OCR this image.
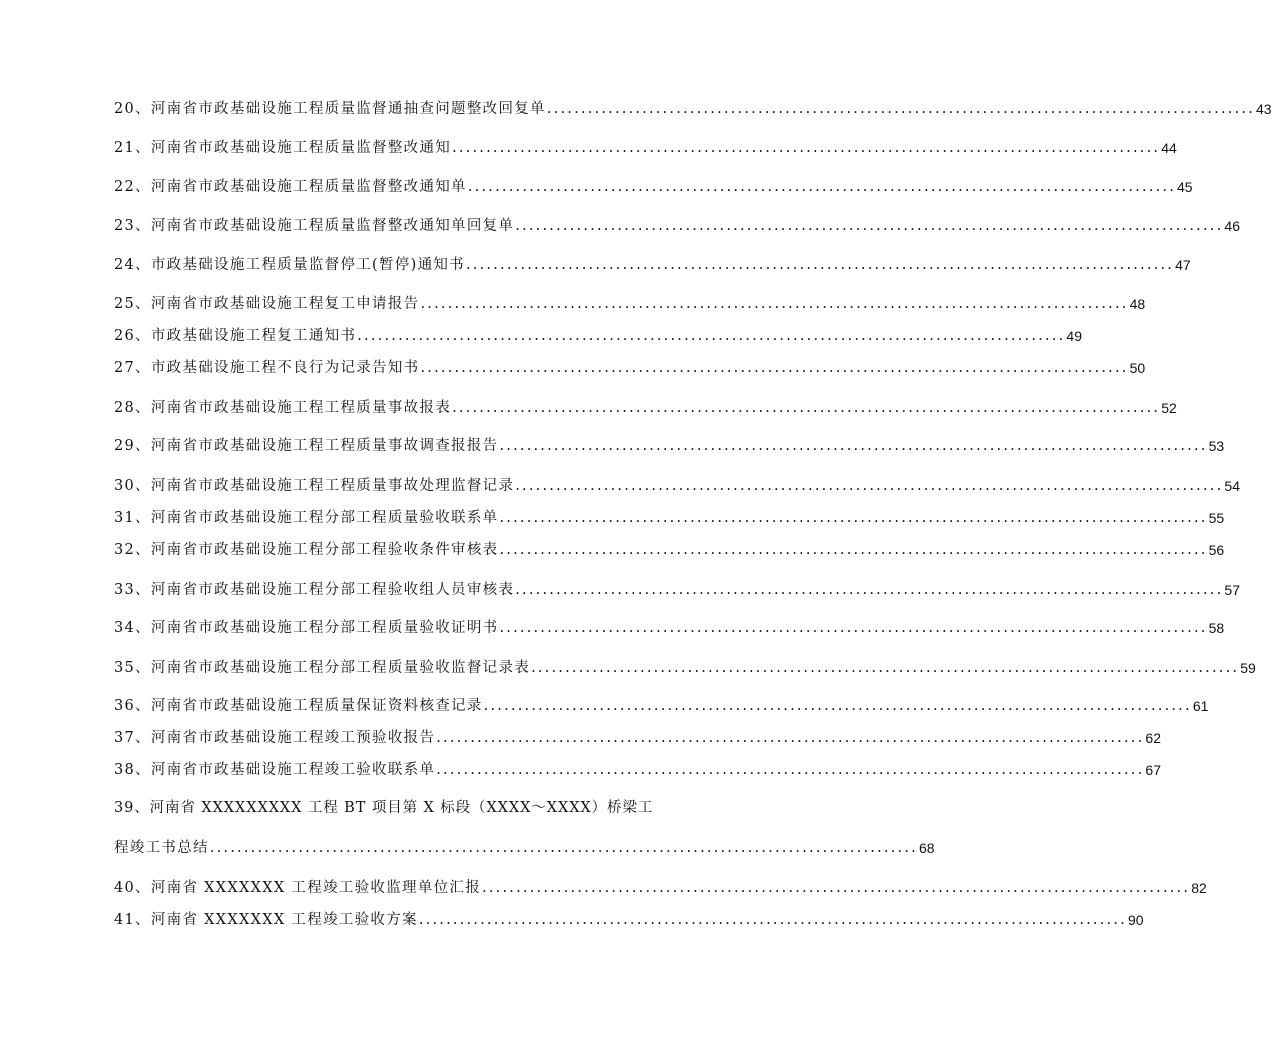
20、河南省市政基础设施工程质量监督通抽查问题整改回复单 ........................................................................................................ 43
21、河南省市政基础设施工程质量监督整改通知 ........................................................................................................ 44
22、河南省市政基础设施工程质量监督整改通知单 ........................................................................................................ 45
23、河南省市政基础设施工程质量监督整改通知单回复单 ........................................................................................................ 46
24、市政基础设施工程质量监督停工(暂停)通知书 ........................................................................................................ 47
25、河南省市政基础设施工程复工申请报告 ........................................................................................................ 48
26、市政基础设施工程复工通知书 ........................................................................................................ 49
27、市政基础设施工程不良行为记录告知书 ........................................................................................................ 50
28、河南省市政基础设施工程工程质量事故报表 ........................................................................................................ 52
29、河南省市政基础设施工程工程质量事故调查报报告 ........................................................................................................ 53
30、河南省市政基础设施工程工程质量事故处理监督记录 ........................................................................................................ 54
31、河南省市政基础设施工程分部工程质量验收联系单 ........................................................................................................ 55
32、河南省市政基础设施工程分部工程验收条件审核表 ........................................................................................................ 56
33、河南省市政基础设施工程分部工程验收组人员审核表 ........................................................................................................ 57
34、河南省市政基础设施工程分部工程质量验收证明书 ........................................................................................................ 58
35、河南省市政基础设施工程分部工程质量验收监督记录表 ........................................................................................................ 59
36、河南省市政基础设施工程质量保证资料核查记录 ........................................................................................................ 61
37、河南省市政基础设施工程竣工预验收报告 ........................................................................................................ 62
38、河南省市政基础设施工程竣工验收联系单 ........................................................................................................ 67
39、河南省 XXXXXXXXX 工程 BT 项目第 X 标段（XXXX～XXXX）桥梁工
程竣工书总结 ........................................................................................................ 68
40、河南省 XXXXXXX 工程竣工验收监理单位汇报 ........................................................................................................ 82
41、河南省 XXXXXXX 工程竣工验收方案 ........................................................................................................ 90
